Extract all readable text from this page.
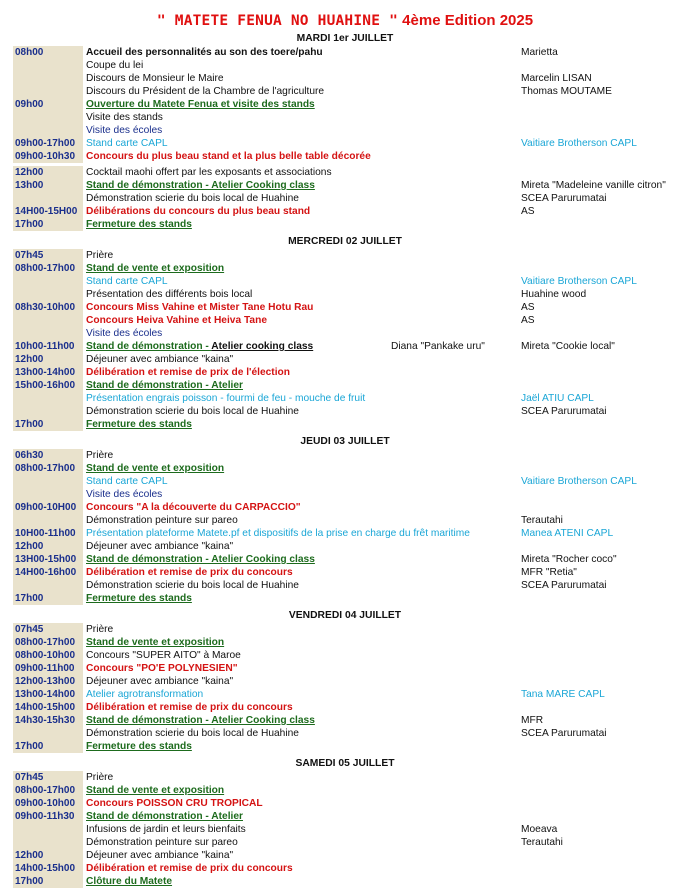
" MATETE FENUA NO HUAHINE " 4ème Edition 2025
MARDI 1er JUILLET
08h00	Accueil des personnalités au son des toere/pahu	Marietta
Coupe du lei
Discours de Monsieur le Maire	Marcelin LISAN
Discours du Président de la Chambre de l'agriculture	Thomas MOUTAME
09h00	Ouverture du Matete Fenua et visite des stands
Visite des stands
Visite des écoles
09h00-17h00	Stand carte CAPL	Vaitiare Brotherson CAPL
09h00-10h30	Concours du plus beau stand et la plus belle table décorée
12h00	Cocktail maohi offert par les exposants et associations
13h00	Stand de démonstration - Atelier Cooking class	Mireta "Madeleine vanille citron"
Démonstration scierie du bois local de Huahine	SCEA Parurumatai
14H00-15H00 Délibérations du concours du plus beau stand	AS
17h00	Fermeture des stands
MERCREDI 02 JUILLET
07h45	Prière
08h00-17h00	Stand de vente et exposition
Stand carte CAPL	Vaitiare Brotherson CAPL
Présentation des différents bois local	Huahine wood
08h30-10h00	Concours Miss Vahine et Mister Tane Hotu Rau	AS
Concours Heiva Vahine et Heiva Tane	AS
Visite des écoles
10h00-11h00	Stand de démonstration - Atelier cooking class	Diana "Pankake uru"	Mireta "Cookie local"
12h00	Déjeuner avec ambiance "kaina"
13h00-14h00	Délibération et remise de prix de l'élection
15h00-16h00	Stand de démonstration - Atelier
Présentation engrais poisson - fourmi de feu - mouche de fruit	Jaël ATIU CAPL
Démonstration scierie du bois local de Huahine	SCEA Parurumatai
17h00	Fermeture des stands
JEUDI 03 JUILLET
06h30	Prière
08h00-17h00	Stand de vente et exposition
Stand carte CAPL	Vaitiare Brotherson CAPL
Visite des écoles
09h00-10H00 Concours "A la découverte du CARPACCIO"
Démonstration peinture sur pareo	Terautahi
10H00-11h00	Présentation plateforme Matete.pf et dispositifs de la prise en charge du frêt maritime	Manea ATENI CAPL
12h00	Déjeuner avec ambiance "kaina"
13H00-15h00 Stand de démonstration - Atelier Cooking class	Mireta "Rocher coco"
14H00-16h00 Délibération et remise de prix du concours	MFR "Retia"
Démonstration scierie du bois local de Huahine	SCEA Parurumatai
17h00	Fermeture des stands
VENDREDI 04 JUILLET
07h45	Prière
08h00-17h00	Stand de vente et exposition
08h00-10h00	Concours "SUPER AITO" à Maroe
09h00-11h00	Concours "PO'E POLYNESIEN"
12h00-13h00	Déjeuner avec ambiance "kaina"
13h00-14h00	Atelier agrotransformation	Tana MARE CAPL
14h00-15h00	Délibération et remise de prix du concours
14h30-15h30	Stand de démonstration - Atelier Cooking class	MFR
Démonstration scierie du bois local de Huahine	SCEA Parurumatai
17h00	Fermeture des stands
SAMEDI 05 JUILLET
07h45	Prière
08h00-17h00	Stand de vente et exposition
09h00-10h00	Concours POISSON CRU TROPICAL
09h00-11h30	Stand de démonstration - Atelier
Infusions de jardin et leurs bienfaits	Moeava
Démonstration peinture sur pareo	Terautahi
12h00	Déjeuner avec ambiance "kaina"
14h00-15h00	Délibération et remise de prix du concours
17h00	Clôture du Matete
